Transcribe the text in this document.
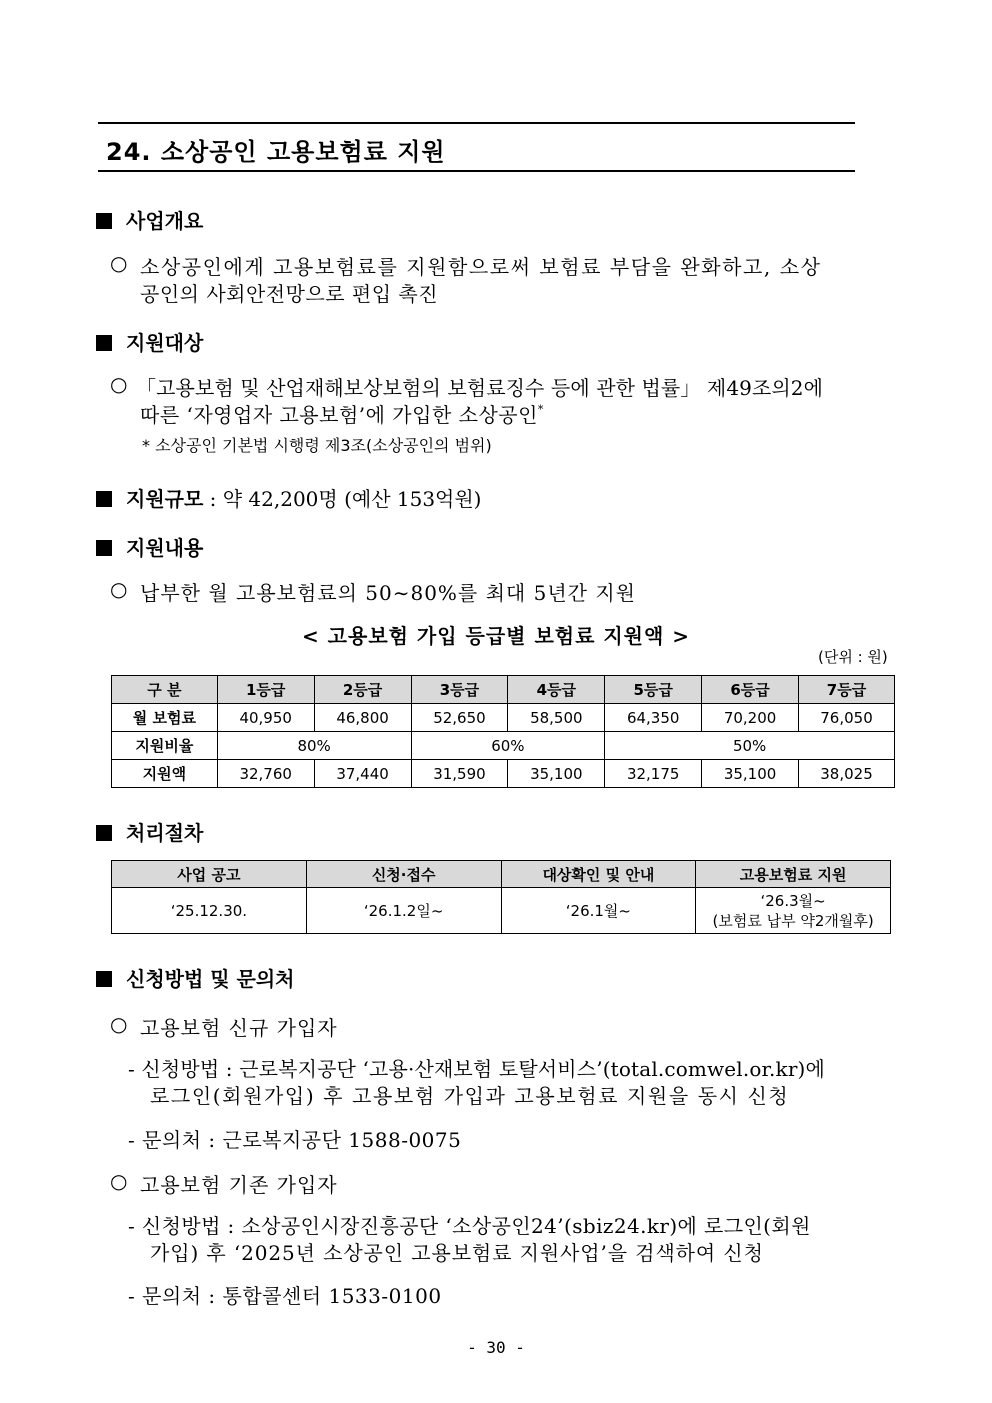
24. 소상공인 고용보험료 지원
사업개요
○ 소상공인에게 고용보험료를 지원함으로써 보험료 부담을 완화하고, 소상
공인의 사회안전망으로 편입 촉진
지원대상
○ 「고용보험 및 산업재해보상보험의 보험료징수 등에 관한 법률」 제49조의2에
따른 ‘자영업자 고용보험’에 가입한 소상공인*
* 소상공인 기본법 시행령 제3조(소상공인의 범위)
지원규모 : 약 42,200명 (예산 153억원)
지원내용
○ 납부한 월 고용보험료의 50∼80%를 최대 5년간 지원
< 고용보험 가입 등급별 보험료 지원액 >
(단위 : 원)
구 분	1등급	2등급	3등급	4등급	5등급	6등급	7등급
월 보험료	40,950	46,800	52,650	58,500	64,350	70,200	76,050
지원비율	80%		60%		50%		
지원액	32,760	37,440	31,590	35,100	32,175	35,100	38,025
처리절차
사업 공고	신청·접수	대상확인 및 안내	고용보험료 지원
‘25.12.30.	‘26.1.2일~	‘26.1월~	‘26.3월~
(보험료 납부 약2개월후)
신청방법 및 문의처
○ 고용보험 신규 가입자
- 신청방법 : 근로복지공단 ‘고용·산재보험 토탈서비스’(total.comwel.or.kr)에
로그인(회원가입) 후 고용보험 가입과 고용보험료 지원을 동시 신청
- 문의처 : 근로복지공단 1588-0075
○ 고용보험 기존 가입자
- 신청방법 : 소상공인시장진흥공단 ‘소상공인24’(sbiz24.kr)에 로그인(회원
가입) 후 ‘2025년 소상공인 고용보험료 지원사업’을 검색하여 신청
- 문의처 : 통합콜센터 1533-0100
- 30 -
